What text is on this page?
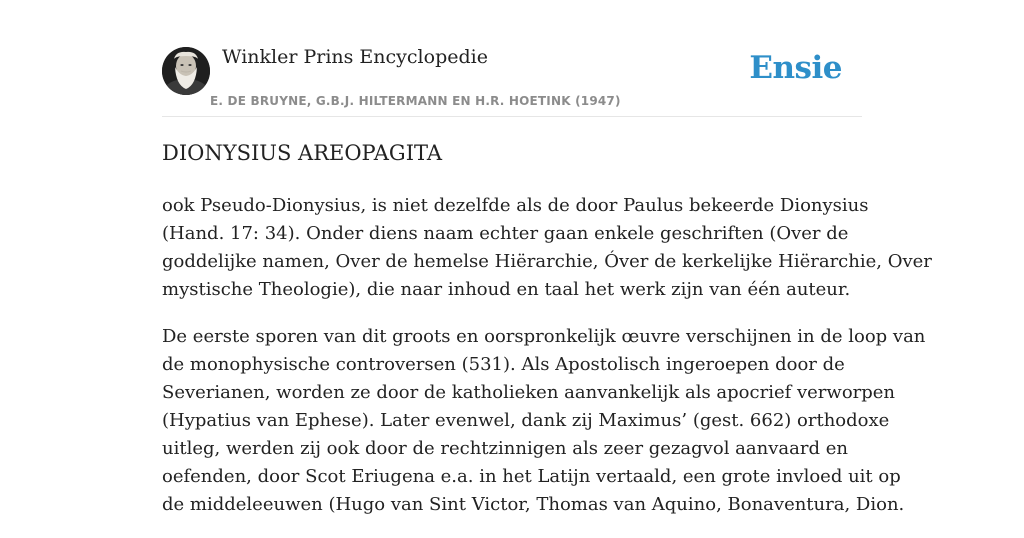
Winkler Prins Encyclopedie
E. DE BRUYNE, G.B.J. HILTERMANN EN H.R. HOETINK (1947)
Ensie
DIONYSIUS AREOPAGITA

ook Pseudo-Dionysius, is niet dezelfde als de door Paulus bekeerde Dionysius
(Hand. 17: 34). Onder diens naam echter gaan enkele geschriften (Over de
goddelijke namen, Over de hemelse Hiërarchie, Óver de kerkelijke Hiërarchie, Over
mystische Theologie), die naar inhoud en taal het werk zijn van één auteur.

De eerste sporen van dit groots en oorspronkelijk œuvre verschijnen in de loop van
de monophysische controversen (531). Als Apostolisch ingeroepen door de
Severianen, worden ze door de katholieken aanvankelijk als apocrief verworpen
(Hypatius van Ephese). Later evenwel, dank zij Maximus’ (gest. 662) orthodoxe
uitleg, werden zij ook door de rechtzinnigen als zeer gezagvol aanvaard en
oefenden, door Scot Eriugena e.a. in het Latijn vertaald, een grote invloed uit op
de middeleeuwen (Hugo van Sint Victor, Thomas van Aquino, Bonaventura, Dion.
